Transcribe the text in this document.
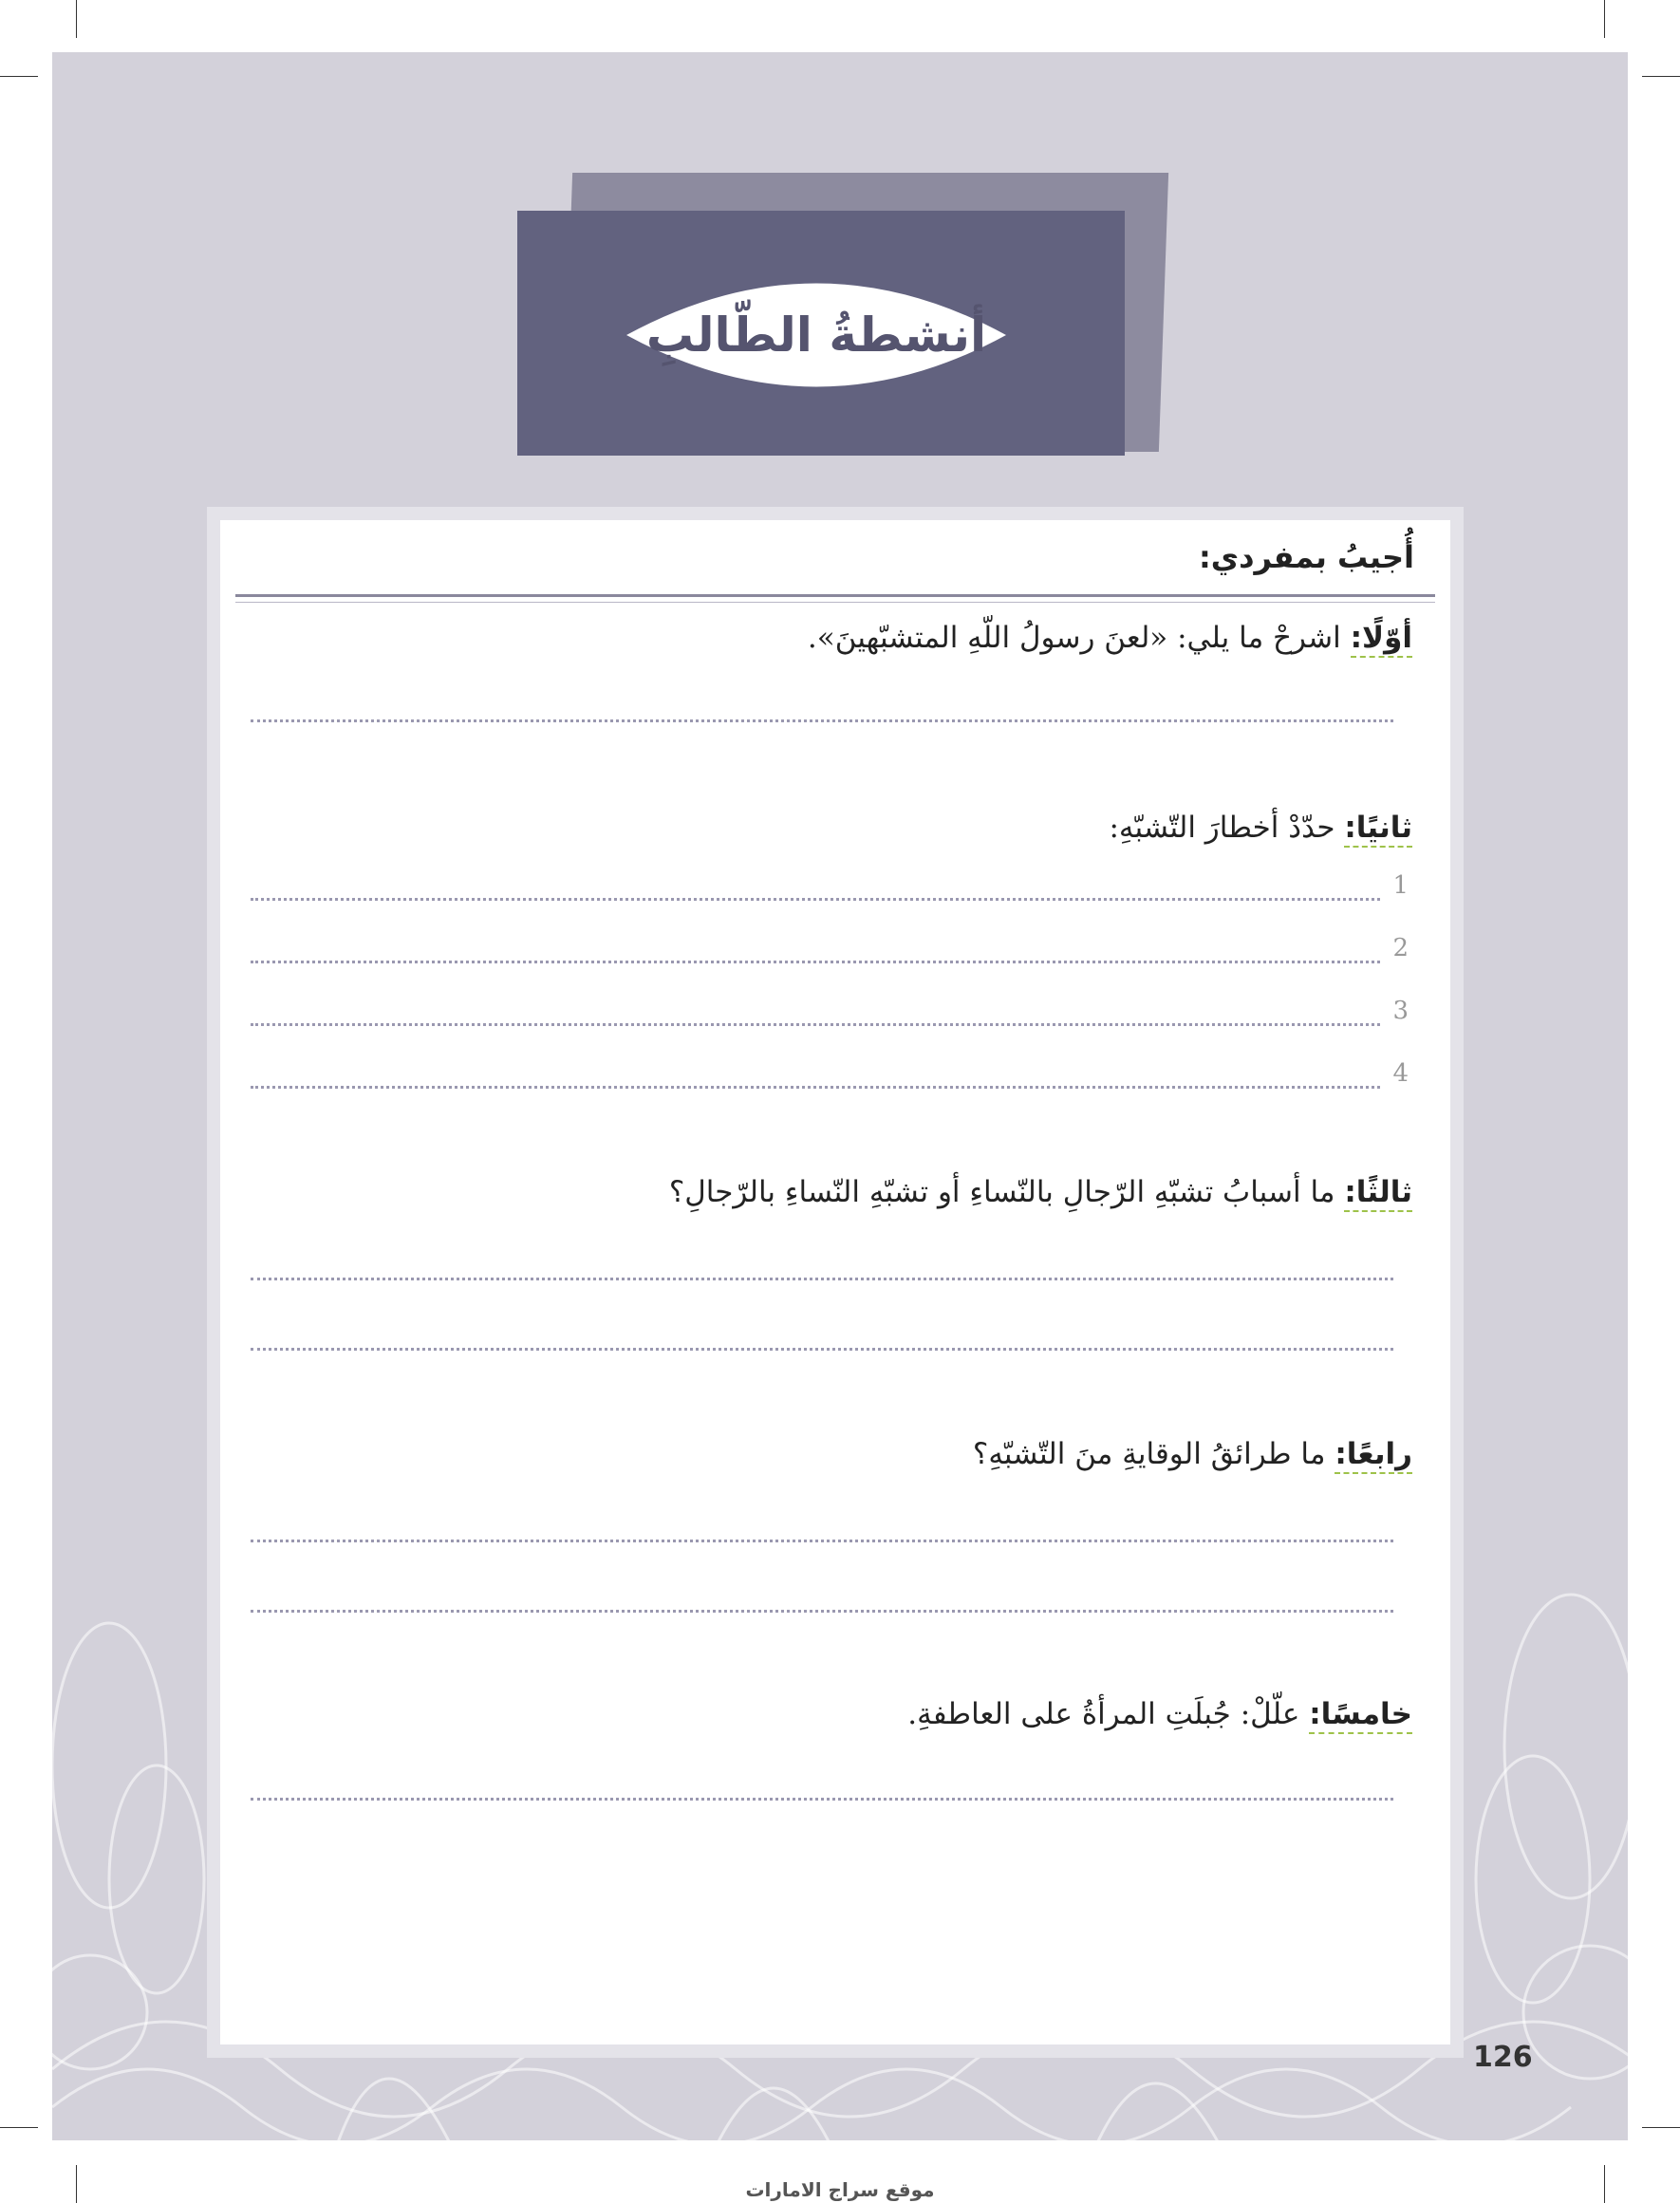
أنشطةُ الطّالبِ
أُجيبُ بمفردي:
أوّلًا: اشرحْ ما يلي: «لعنَ رسولُ اللّهِ المتشبّهينَ».
ثانيًا: حدّدْ أخطارَ التّشبّهِ:
1
2
3
4
ثالثًا: ما أسبابُ تشبّهِ الرّجالِ بالنّساءِ أو تشبّهِ النّساءِ بالرّجالِ؟
رابعًا: ما طرائقُ الوقايةِ منَ التّشبّهِ؟
خامسًا: علّلْ: جُبلَتِ المرأةُ على العاطفةِ.
126
موقع سراج الامارات
